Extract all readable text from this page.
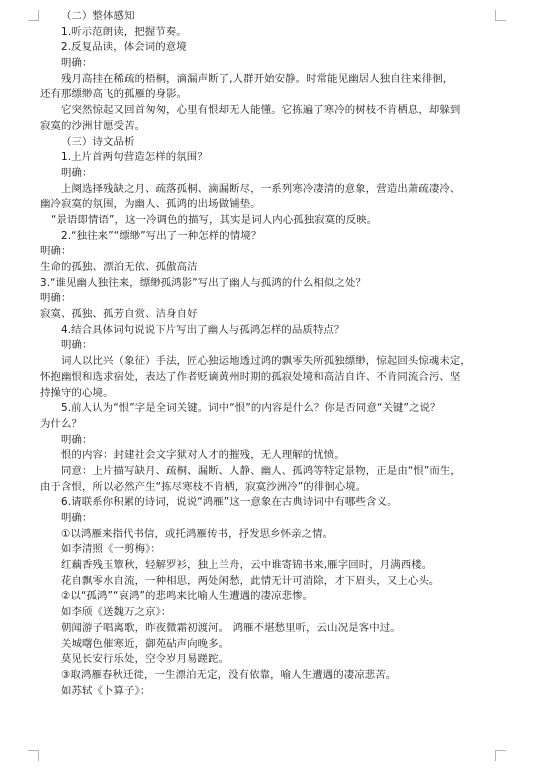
（二）整体感知
1.听示范朗读，把握节奏。
2.反复品读，体会词的意境
明确：
残月高挂在稀疏的梧桐，滴漏声断了,人群开始安静。时常能见幽居人独自往来徘徊，
还有那缥缈高飞的孤雁的身影。
它突然惊起又回首匆匆，心里有恨却无人能懂。它拣遍了寒冷的树枝不肯栖息，却躲到
寂寞的沙洲甘愿受苦。
（三）诗文品析
1.上片首两句营造怎样的氛围？
明确：
上阕选择残缺之月、疏落孤桐、滴漏断尽，一系列寒冷凄清的意象，营造出萧疏凄冷、
幽冷寂寞的氛围，为幽人、孤鸿的出场做铺垫。
“景语即情语”，这一冷调色的描写，其实是词人内心孤独寂寞的反映。
2.“独往来”“缥缈”写出了一种怎样的情境？
明确：
生命的孤独、漂泊无依、孤傲高洁
3.“谁见幽人独往来，缥缈孤鸿影”写出了幽人与孤鸿的什么相似之处？
明确：
寂寞、孤独、孤芳自赏、洁身自好
4.结合具体词句说说下片写出了幽人与孤鸿怎样的品质特点？
明确：
词人以比兴（象征）手法，匠心独运地透过鸿的飘零失所孤独缥缈，惊起回头惊魂未定，
怀抱幽恨和选求宿处，表达了作者贬谪黄州时期的孤寂处境和高洁自许、不肯同流合污、坚
持操守的心境。
5.前人认为“恨”字是全词关键。词中“恨”的内容是什么？你是否同意“关键”之说？
为什么？
明确：
恨的内容：封建社会文字狱对人才的摧残，无人理解的忧愤。
同意：上片描写缺月、疏桐、漏断、人静、幽人、孤鸿等特定景物，正是由“恨”而生，
由于含恨，所以必然产生“拣尽寒枝不肯栖，寂寞沙洲冷”的徘徊心境。
6.请联系你积累的诗词，说说“鸿雁”这一意象在古典诗词中有哪些含义。
明确：
①以鸿雁来指代书信，或托鸿雁传书，抒发思乡怀亲之情。
如李清照《一剪梅》：
红藕香残玉簟秋，轻解罗衫，独上兰舟，云中谁寄锦书来,雁字回时，月满西楼。
花自飘零水自流，一种相思，两处闲愁，此情无计可消除，才下眉头，又上心头。
②以“孤鸿”“哀鸿”的悲鸣来比喻人生遭遇的凄凉悲惨。
如李颀《送魏万之京》：
朝闻游子唱离歌，昨夜微霜初渡河。 鸿雁不堪愁里听，云山况是客中过。
关城曙色催寒近，御苑砧声向晚多。
莫见长安行乐处，空令岁月易蹉跎。
③取鸿雁春秋迁徙，一生漂泊无定，没有依靠，喻人生遭遇的凄凉悲苦。
如苏轼《卜算子》：
